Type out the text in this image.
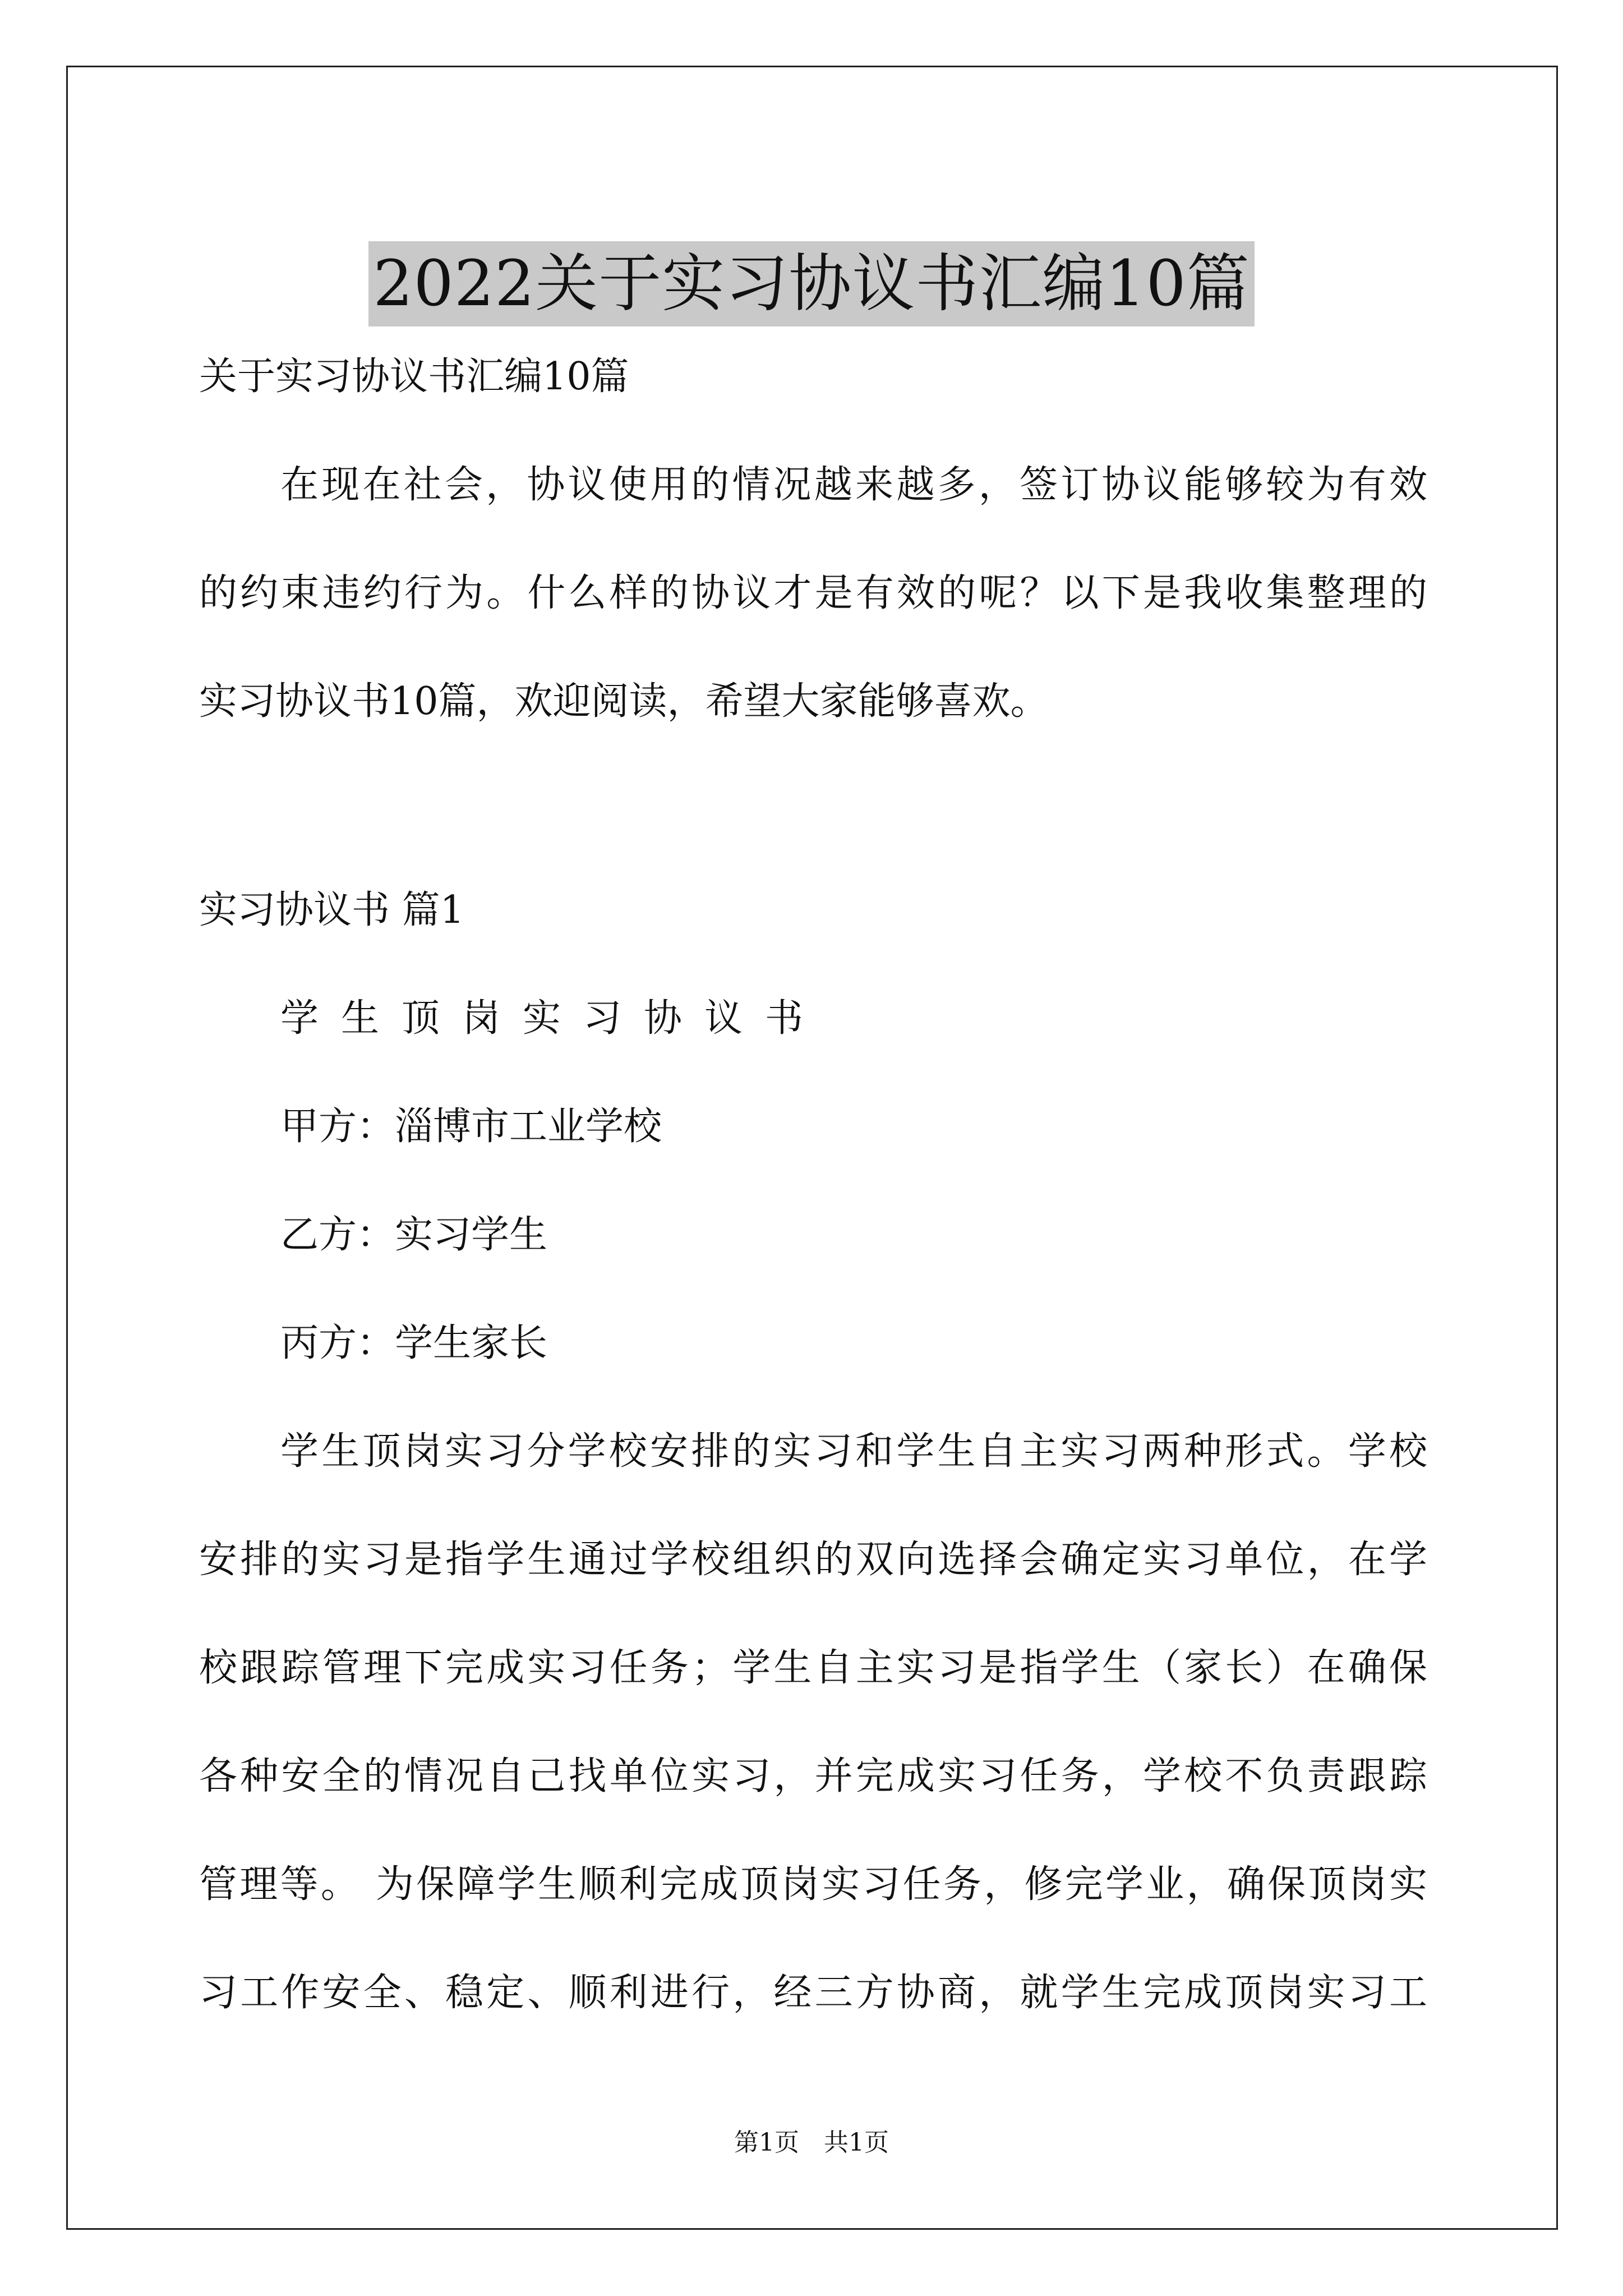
2022关于实习协议书汇编10篇
关于实习协议书汇编10篇
在现在社会，协议使用的情况越来越多，签订协议能够较为有效
的约束违约行为。什么样的协议才是有效的呢？以下是我收集整理的
实习协议书10篇，欢迎阅读，希望大家能够喜欢。
实习协议书 篇1
学生顶岗实习协议书
甲方：淄博市工业学校
乙方：实习学生
丙方：学生家长
学生顶岗实习分学校安排的实习和学生自主实习两种形式。学校
安排的实习是指学生通过学校组织的双向选择会确定实习单位，在学
校跟踪管理下完成实习任务；学生自主实习是指学生（家长）在确保
各种安全的情况自己找单位实习，并完成实习任务，学校不负责跟踪
管理等。 为保障学生顺利完成顶岗实习任务，修完学业，确保顶岗实
习工作安全、稳定、顺利进行，经三方协商，就学生完成顶岗实习工
第1页　共1页
